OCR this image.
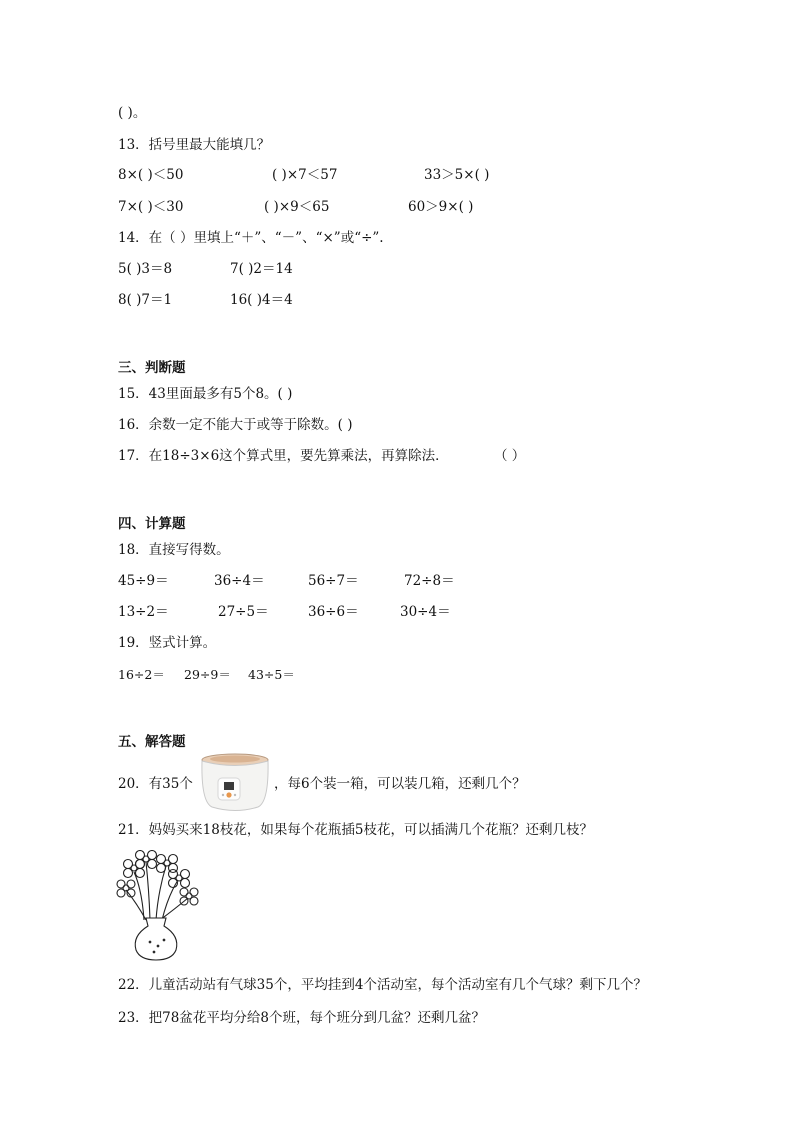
( )。
13．括号里最大能填几？
8×( )＜50	( )×7＜57	33＞5×( )
7×( )＜30	( )×9＜65	60＞9×( )
14．在（ ）里填上“＋”、“－”、“×”或“÷”.
5( )3＝8	7( )2＝14
8( )7＝1	16( )4＝4
三、判断题
15．43里面最多有5个8。( )
16．余数一定不能大于或等于除数。( )
17．在18÷3×6这个算式里，要先算乘法，再算除法．	（ ）
四、计算题
18．直接写得数。
45÷9＝	36÷4＝	56÷7＝	72÷8＝
13÷2＝	27÷5＝	36÷6＝	30÷4＝
19．竖式计算。
16÷2＝ 29÷9＝ 43÷5＝
五、解答题
20．有35个	，每6个装一箱，可以装几箱，还剩几个？
21．妈妈买来18枝花，如果每个花瓶插5枝花，可以插满几个花瓶？还剩几枝？
22．儿童活动站有气球35个，平均挂到4个活动室，每个活动室有几个气球？剩下几个？
23．把78盆花平均分给8个班，每个班分到几盆？还剩几盆？
